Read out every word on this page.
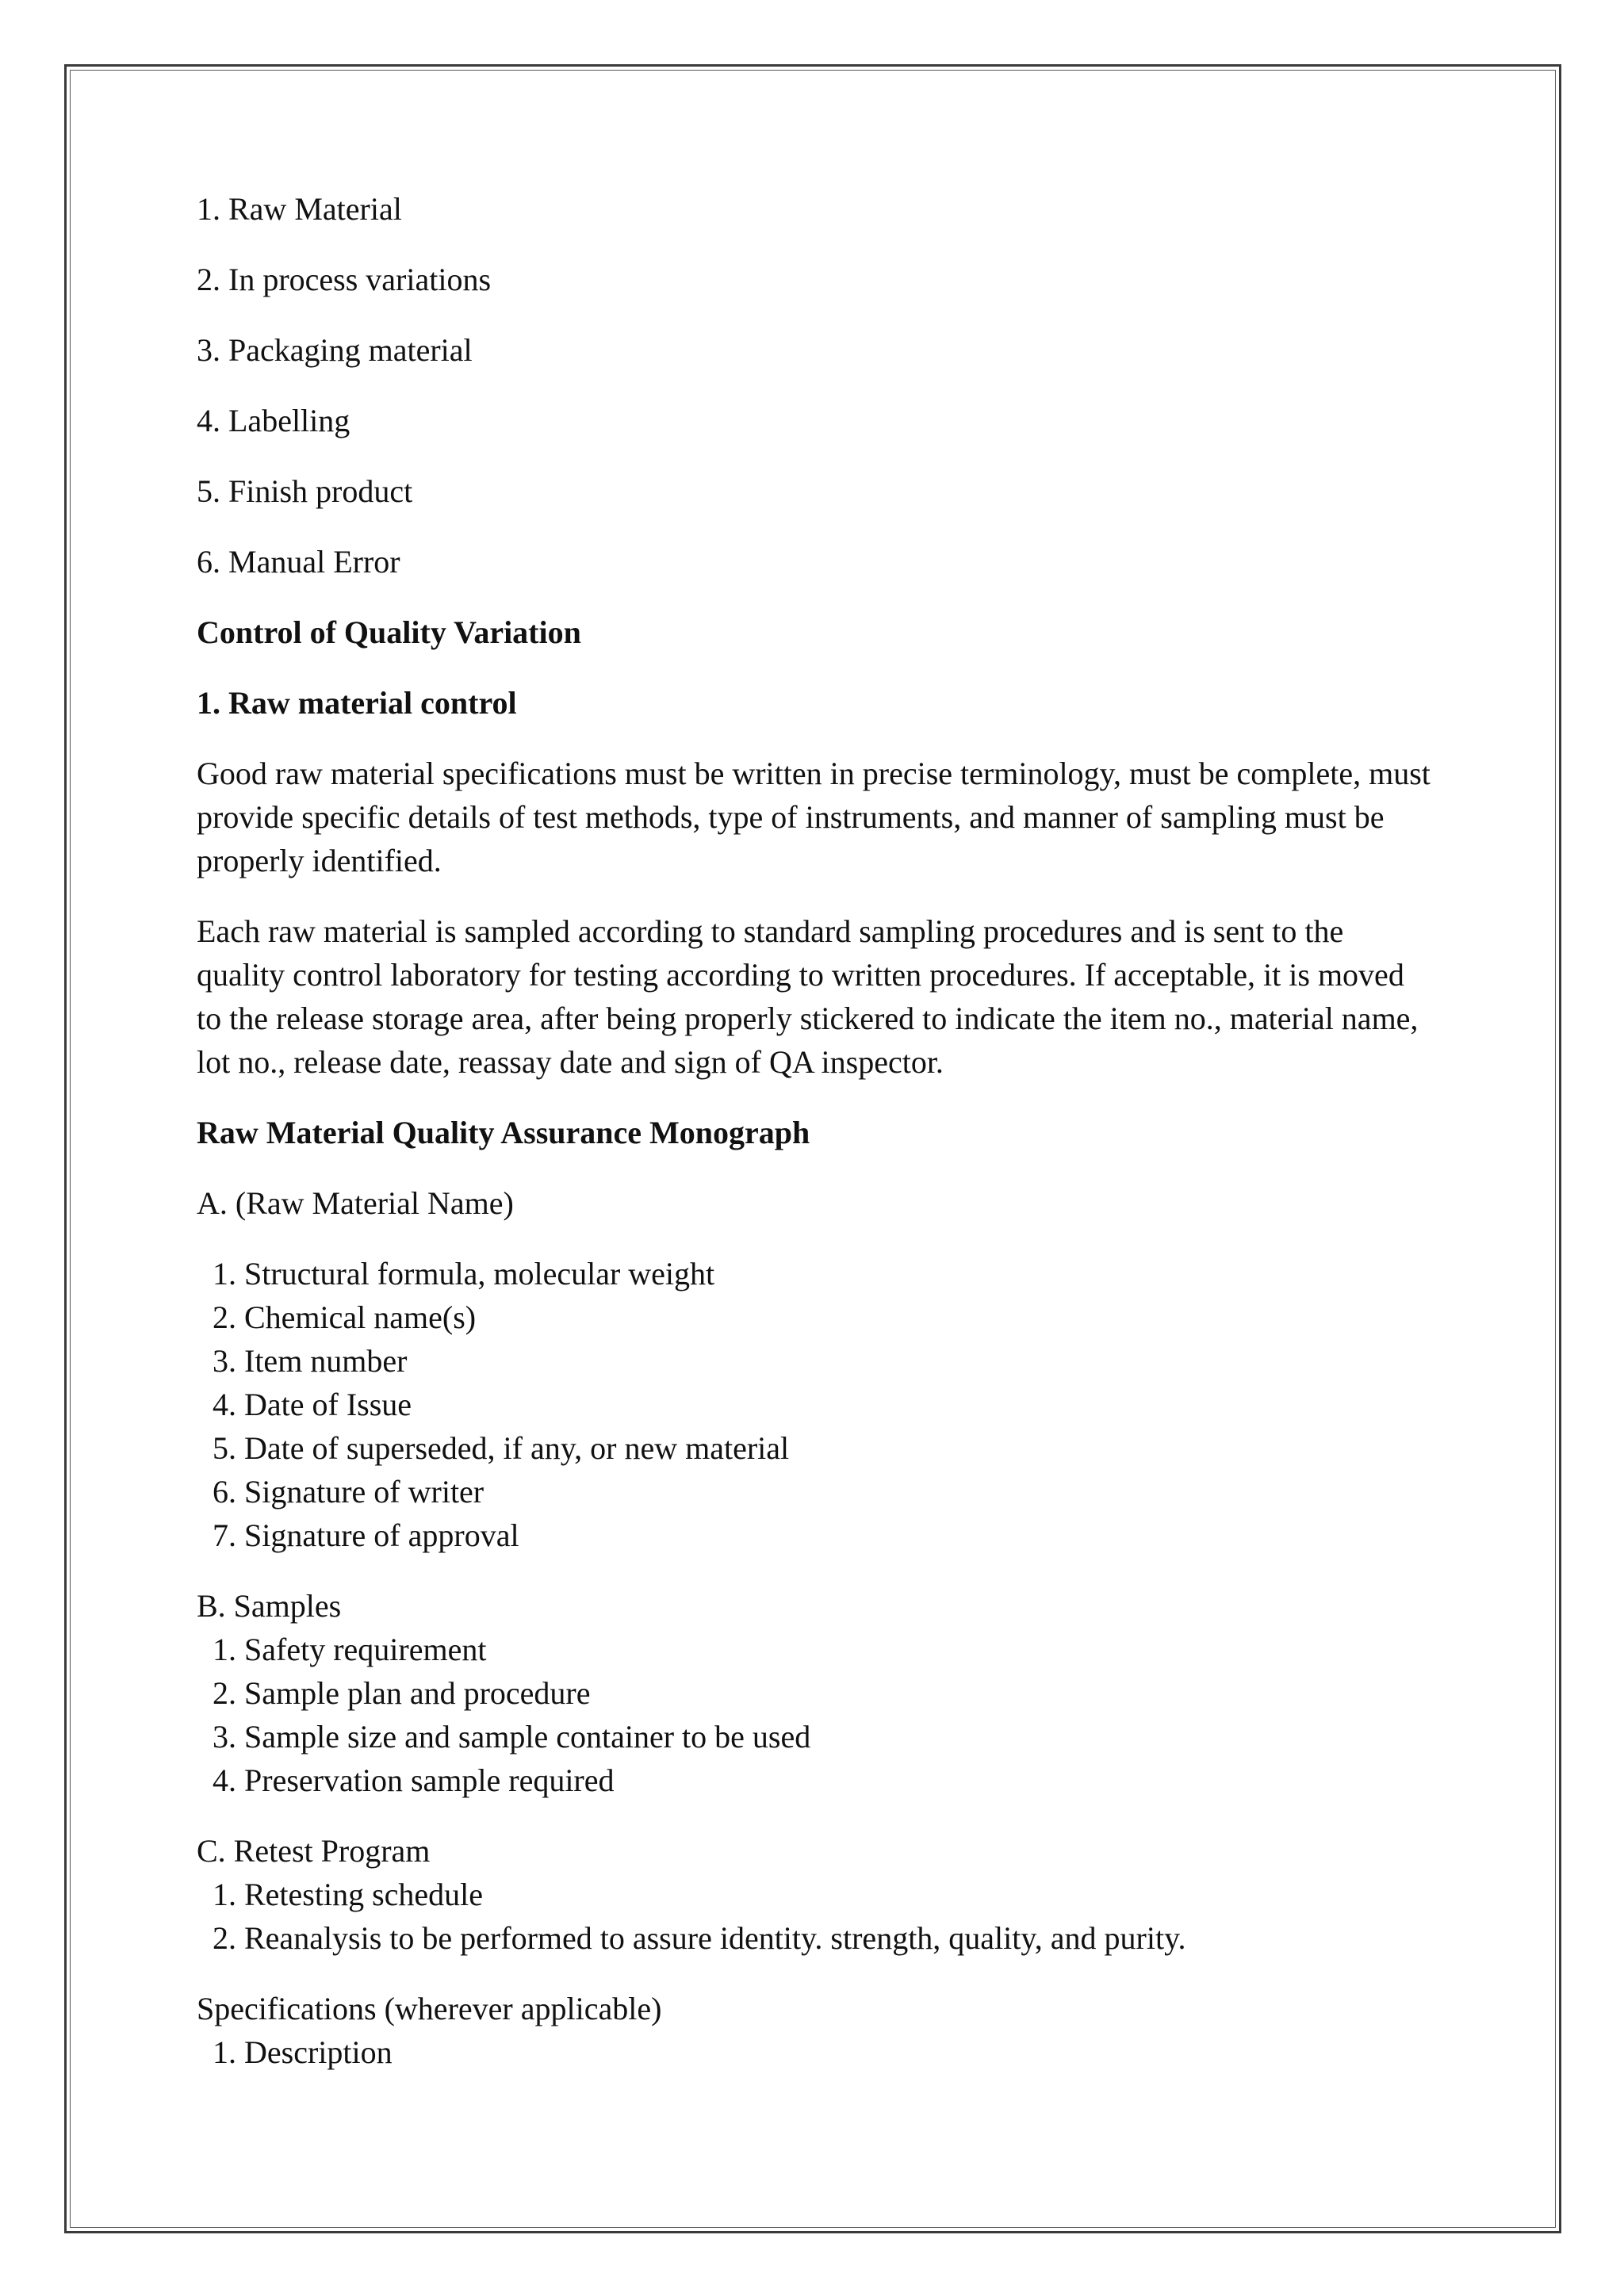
1. Raw Material

2. In process variations

3. Packaging material

4. Labelling

5. Finish product

6. Manual Error

Control of Quality Variation

1. Raw material control

Good raw material specifications must be written in precise terminology, must be complete, must provide specific details of test methods, type of instruments, and manner of sampling must be properly identified.

Each raw material is sampled according to standard sampling procedures and is sent to the quality control laboratory for testing according to written procedures. If acceptable, it is moved to the release storage area, after being properly stickered to indicate the item no., material name, lot no., release date, reassay date and sign of QA inspector.

Raw Material Quality Assurance Monograph

A. (Raw Material Name)

1. Structural formula, molecular weight

2. Chemical name(s)

3. Item number

4. Date of Issue

5. Date of superseded, if any, or new material

6. Signature of writer

7. Signature of approval

B. Samples

1. Safety requirement

2. Sample plan and procedure

3. Sample size and sample container to be used

4. Preservation sample required

C. Retest Program

1. Retesting schedule

2. Reanalysis to be performed to assure identity. strength, quality, and purity.

Specifications (wherever applicable)

1. Description
